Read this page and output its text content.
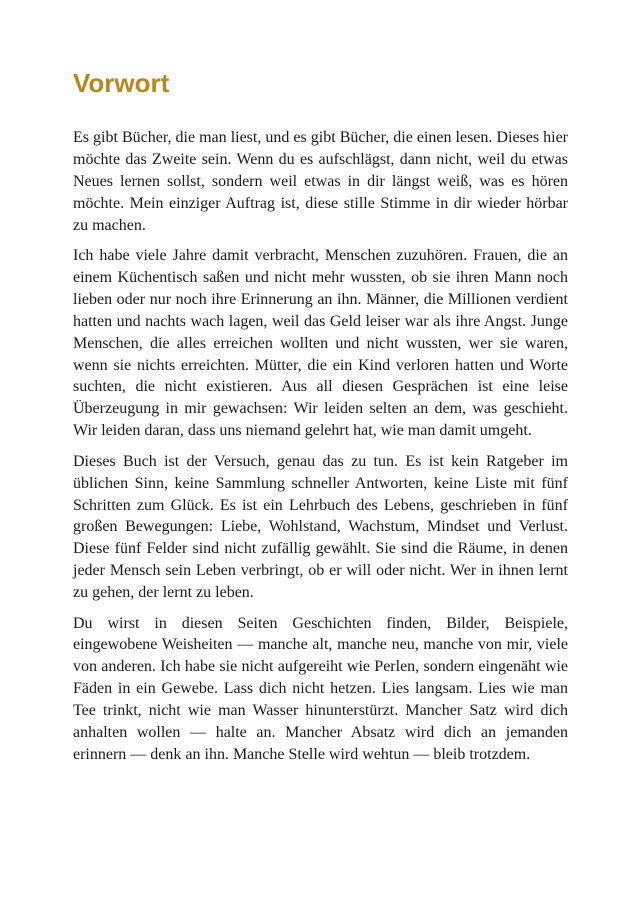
Vorwort

Es gibt Bücher, die man liest, und es gibt Bücher, die einen lesen. Dieses hier möchte das Zweite sein. Wenn du es aufschlägst, dann nicht, weil du etwas Neues lernen sollst, sondern weil etwas in dir längst weiß, was es hören möchte. Mein einziger Auftrag ist, diese stille Stimme in dir wieder hörbar zu machen.

Ich habe viele Jahre damit verbracht, Menschen zuzuhören. Frauen, die an einem Küchentisch saßen und nicht mehr wussten, ob sie ihren Mann noch lieben oder nur noch ihre Erinnerung an ihn. Männer, die Millionen verdient hatten und nachts wach lagen, weil das Geld leiser war als ihre Angst. Junge Menschen, die alles erreichen wollten und nicht wussten, wer sie waren, wenn sie nichts erreichten. Mütter, die ein Kind verloren hatten und Worte suchten, die nicht existieren. Aus all diesen Gesprächen ist eine leise Überzeugung in mir gewachsen: Wir leiden selten an dem, was geschieht. Wir leiden daran, dass uns niemand gelehrt hat, wie man damit umgeht.

Dieses Buch ist der Versuch, genau das zu tun. Es ist kein Ratgeber im üblichen Sinn, keine Sammlung schneller Antworten, keine Liste mit fünf Schritten zum Glück. Es ist ein Lehrbuch des Lebens, geschrieben in fünf großen Bewegungen: Liebe, Wohlstand, Wachstum, Mindset und Verlust. Diese fünf Felder sind nicht zufällig gewählt. Sie sind die Räume, in denen jeder Mensch sein Leben verbringt, ob er will oder nicht. Wer in ihnen lernt zu gehen, der lernt zu leben.

Du wirst in diesen Seiten Geschichten finden, Bilder, Beispiele, eingewobene Weisheiten — manche alt, manche neu, manche von mir, viele von anderen. Ich habe sie nicht aufgereiht wie Perlen, sondern eingenäht wie Fäden in ein Gewebe. Lass dich nicht hetzen. Lies langsam. Lies wie man Tee trinkt, nicht wie man Wasser hinunterstürzt. Mancher Satz wird dich anhalten wollen — halte an. Mancher Absatz wird dich an jemanden erinnern — denk an ihn. Manche Stelle wird wehtun — bleib trotzdem.
